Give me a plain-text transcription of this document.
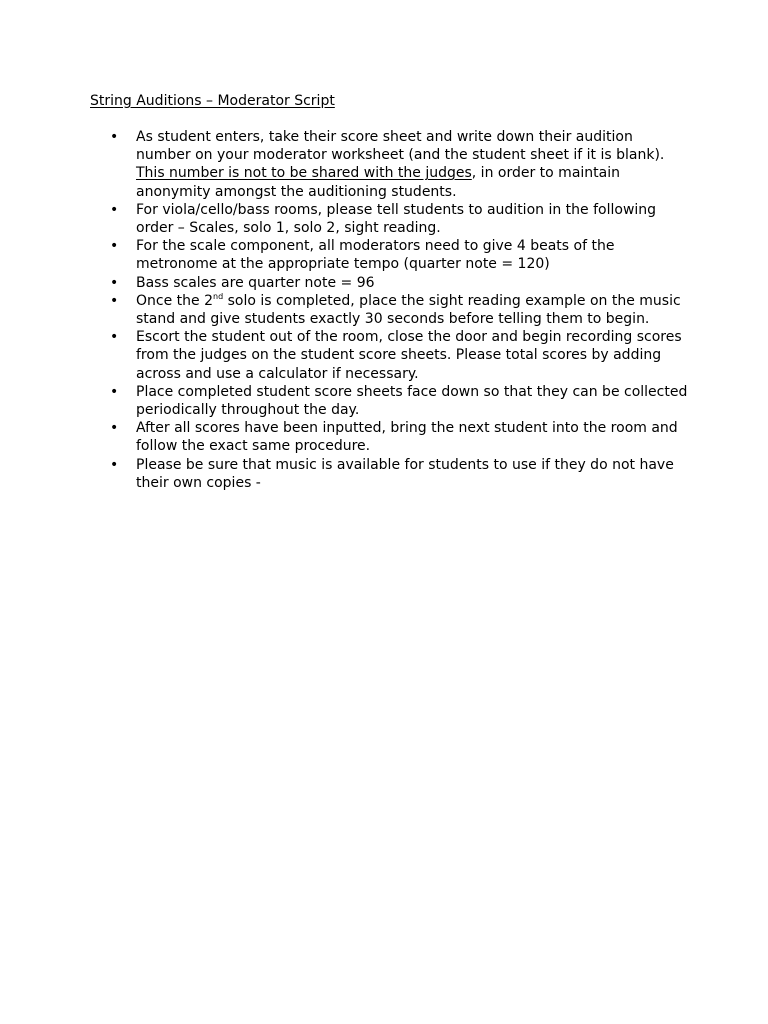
String Auditions – Moderator Script
• As student enters, take their score sheet and write down their audition number on your moderator worksheet (and the student sheet if it is blank). This number is not to be shared with the judges, in order to maintain anonymity amongst the auditioning students.
• For viola/cello/bass rooms, please tell students to audition in the following order – Scales, solo 1, solo 2, sight reading.
• For the scale component, all moderators need to give 4 beats of the metronome at the appropriate tempo (quarter note = 120)
• Bass scales are quarter note = 96
• Once the 2nd solo is completed, place the sight reading example on the music stand and give students exactly 30 seconds before telling them to begin.
• Escort the student out of the room, close the door and begin recording scores from the judges on the student score sheets. Please total scores by adding across and use a calculator if necessary.
• Place completed student score sheets face down so that they can be collected periodically throughout the day.
• After all scores have been inputted, bring the next student into the room and follow the exact same procedure.
• Please be sure that music is available for students to use if they do not have their own copies -
